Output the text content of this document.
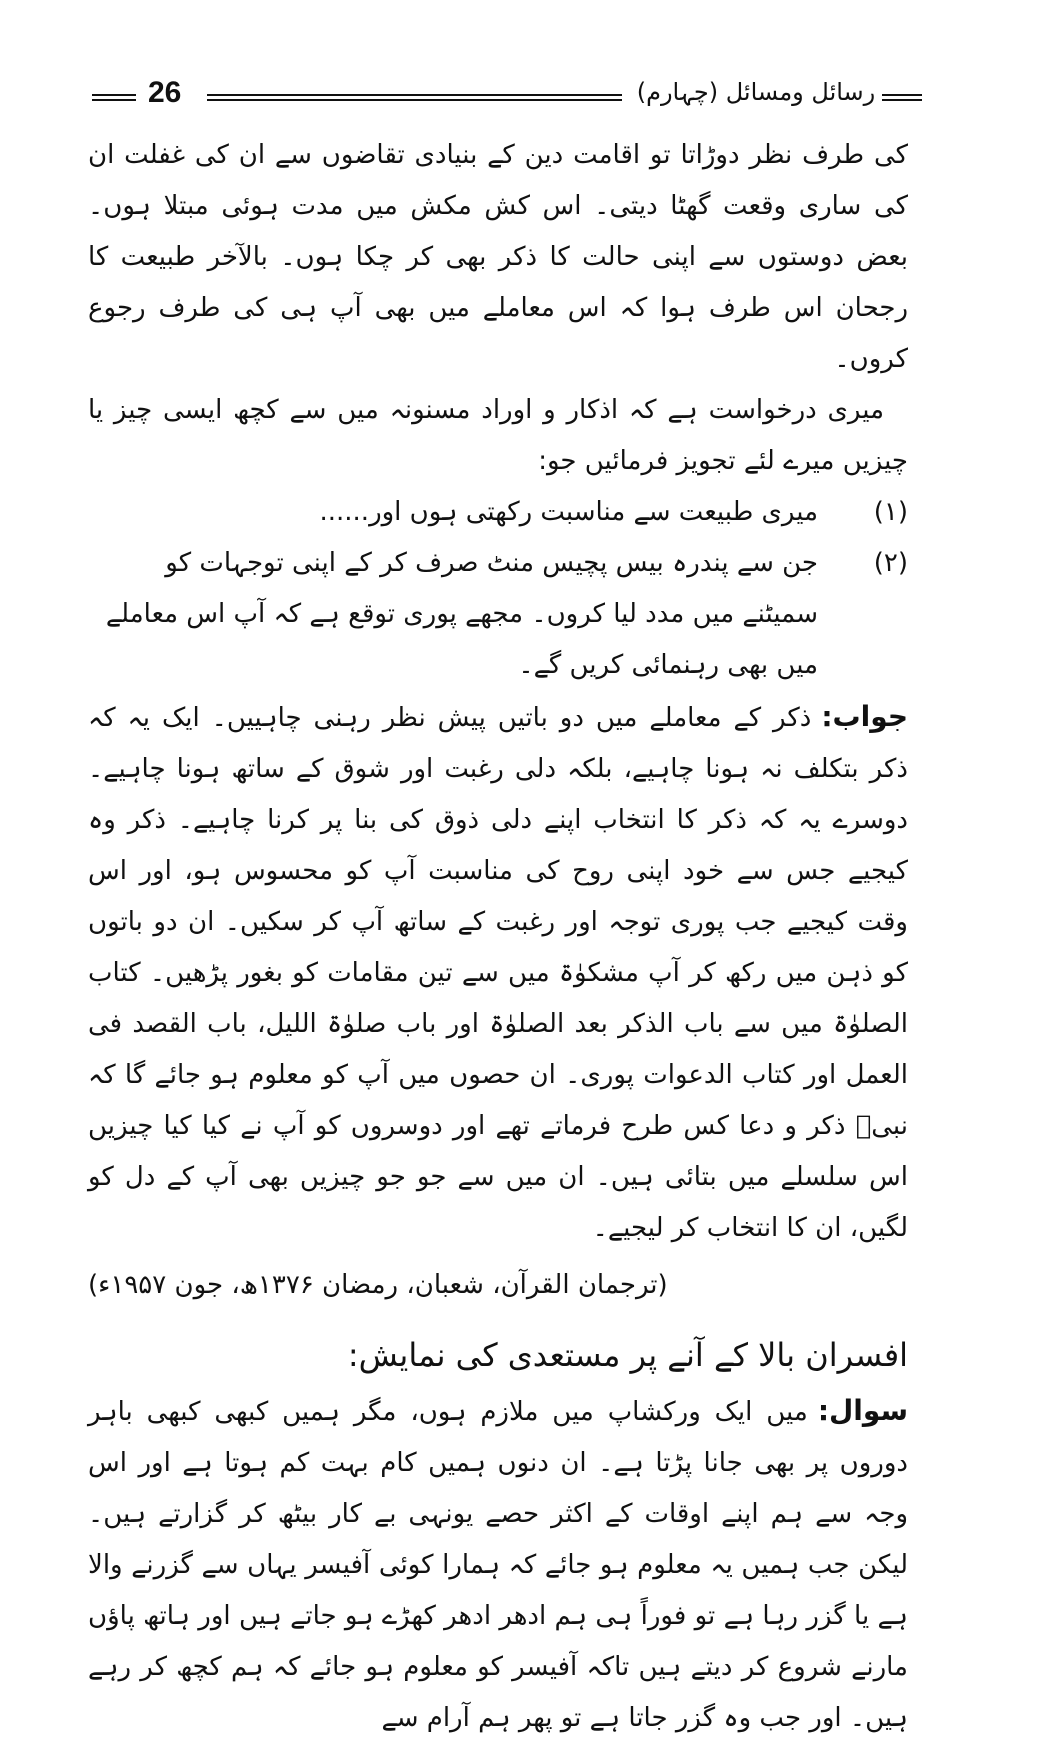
26	رسائل ومسائل (چہارم)

کی طرف نظر دوڑاتا تو اقامت دین کے بنیادی تقاضوں سے ان کی غفلت ان کی ساری وقعت گھٹا دیتی۔ اس کش مکش میں مدت ہوئی مبتلا ہوں۔ بعض دوستوں سے اپنی حالت کا ذکر بھی کر چکا ہوں۔ بالآخر طبیعت کا رجحان اس طرف ہوا کہ اس معاملے میں بھی آپ ہی کی طرف رجوع کروں۔

میری درخواست ہے کہ اذکار و اوراد مسنونہ میں سے کچھ ایسی چیز یا چیزیں میرے لئے تجویز فرمائیں جو:

(۱)
میری طبیعت سے مناسبت رکھتی ہوں اور......
(۲)
جن سے پندرہ بیس پچیس منٹ صرف کر کے اپنی توجہات کو سمیٹنے میں مدد لیا کروں۔ مجھے پوری توقع ہے کہ آپ اس معاملے میں بھی رہنمائی کریں گے۔

جواب:ذکر کے معاملے میں دو باتیں پیش نظر رہنی چاہییں۔ ایک یہ کہ ذکر بتکلف نہ ہونا چاہیے، بلکہ دلی رغبت اور شوق کے ساتھ ہونا چاہیے۔ دوسرے یہ کہ ذکر کا انتخاب اپنے دلی ذوق کی بنا پر کرنا چاہیے۔ ذکر وہ کیجیے جس سے خود اپنی روح کی مناسبت آپ کو محسوس ہو، اور اس وقت کیجیے جب پوری توجہ اور رغبت کے ساتھ آپ کر سکیں۔ ان دو باتوں کو ذہن میں رکھ کر آپ مشکوٰۃ میں سے تین مقامات کو بغور پڑھیں۔ کتاب الصلوٰۃ میں سے باب الذکر بعد الصلوٰۃ اور باب صلوٰۃ اللیل، باب القصد فی العمل اور کتاب الدعوات پوری۔ ان حصوں میں آپ کو معلوم ہو جائے گا کہ نبیؐ ذکر و دعا کس طرح فرماتے تھے اور دوسروں کو آپ نے کیا کیا چیزیں اس سلسلے میں بتائی ہیں۔ ان میں سے جو جو چیزیں بھی آپ کے دل کو لگیں، ان کا انتخاب کر لیجیے۔

(ترجمان القرآن، شعبان، رمضان ۱۳۷۶ھ، جون ۱۹۵۷ء)

افسران بالا کے آنے پر مستعدی کی نمایش:

سوال:میں ایک ورکشاپ میں ملازم ہوں، مگر ہمیں کبھی کبھی باہر دوروں پر بھی جانا پڑتا ہے۔ ان دنوں ہمیں کام بہت کم ہوتا ہے اور اس وجہ سے ہم اپنے اوقات کے اکثر حصے یونہی بے کار بیٹھ کر گزارتے ہیں۔ لیکن جب ہمیں یہ معلوم ہو جائے کہ ہمارا کوئی آفیسر یہاں سے گزرنے والا ہے یا گزر رہا ہے تو فوراً ہی ہم ادھر ادھر کھڑے ہو جاتے ہیں اور ہاتھ پاؤں مارنے شروع کر دیتے ہیں تاکہ آفیسر کو معلوم ہو جائے کہ ہم کچھ کر رہے ہیں۔ اور جب وہ گزر جاتا ہے تو پھر ہم آرام سے
